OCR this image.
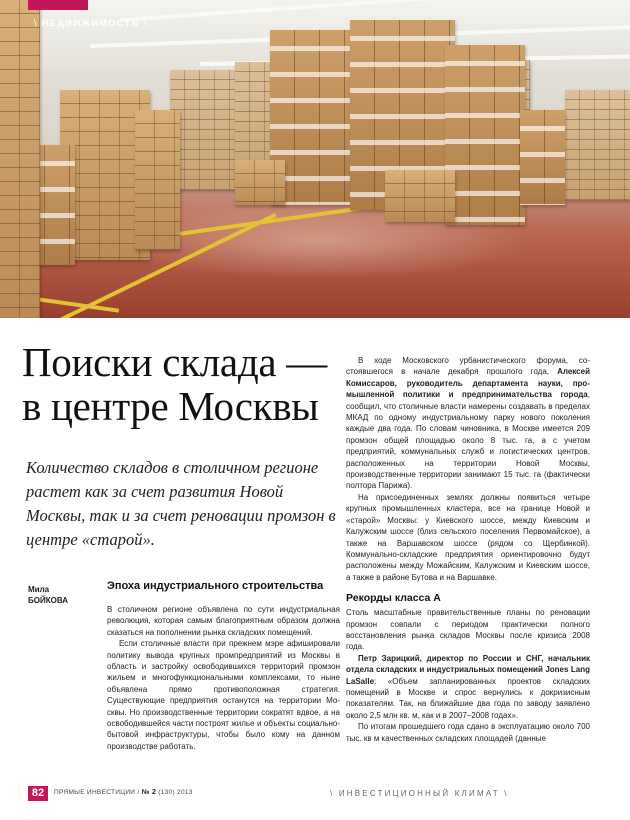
\ НЕДВИЖИМОСТЬ \
Поиски склада —
в центре Москвы

Количество складов в столичном регионе растет как за счет развития Новой Москвы, так и за счет реновации промзон в центре «старой».

Мила
БОЙКОВА
Эпоха индустриального строительства

В столичном регионе объявлена по сути индустриальная революция, которая самым благоприятным образом должна сказаться на пополнении рынка складских помещений.

Если столичные власти при прежнем мэре афишировали политику вывода крупных промпредприятий из Москвы в область и застройку освободившихся территорий промзон жильем и многофункциональными комплексами, то ныне объявлена прямо противоположная стратегия. Существующие предприятия останутся на территории Москвы. Но производственные территории сократят вдвое, а на освободившейся части построят жилье и объекты социально-бытовой инфраструктуры, чтобы было кому на данном производстве работать.

В ходе Московского урбанистического форума, состоявшегося в начале декабря прошлого года, Алексей Комиссаров, руководитель департамента науки, промышленной политики и предпринимательства города, сообщил, что столичные власти намерены создавать в пределах МКАД по одному индустриальному парку нового поколения каждые два года. По словам чиновника, в Москве имеется 209 промзон общей площадью около 8 тыс. га, а с учетом предприятий, коммунальных служб и логистических центров, расположенных на территории Новой Москвы, производственные территории занимают 15 тыс. га (фактически полтора Парижа).

На присоединенных землях должны появиться четыре крупных промышленных кластера, все на границе Новой и «старой» Москвы: у Киевского шоссе, между Киевским и Калужским шоссе (близ сельского поселения Первомайское), а также на Варшавском шоссе (рядом со Щербинкой). Коммунально-складские предприятия ориентировочно будут расположены между Можайским, Калужским и Киевским шоссе, а также в районе Бутова и на Варшавке.

Рекорды класса А

Столь масштабные правительственные планы по реновации промзон совпали с периодом практически полного восстановления рынка складов Москвы после кризиса 2008 года.

Петр Зарицкий, директор по России и СНГ, начальник отдела складских и индустриальных помещений Jones Lang LaSalle: «Объем запланированных проектов складских помещений в Москве и спрос вернулись к докризисным показателям. Так, на ближайшие два года по заводу заявлено около 2,5 млн кв. м, как и в 2007–2008 годах».

По итогам прошедшего года сдано в эксплуатацию около 700 тыс. кв м качественных складских площадей (данные

82	ПРЯМЫЕ ИНВЕСТИЦИИ / № 2 (130) 2013	\ ИНВЕСТИЦИОННЫЙ КЛИМАТ \
